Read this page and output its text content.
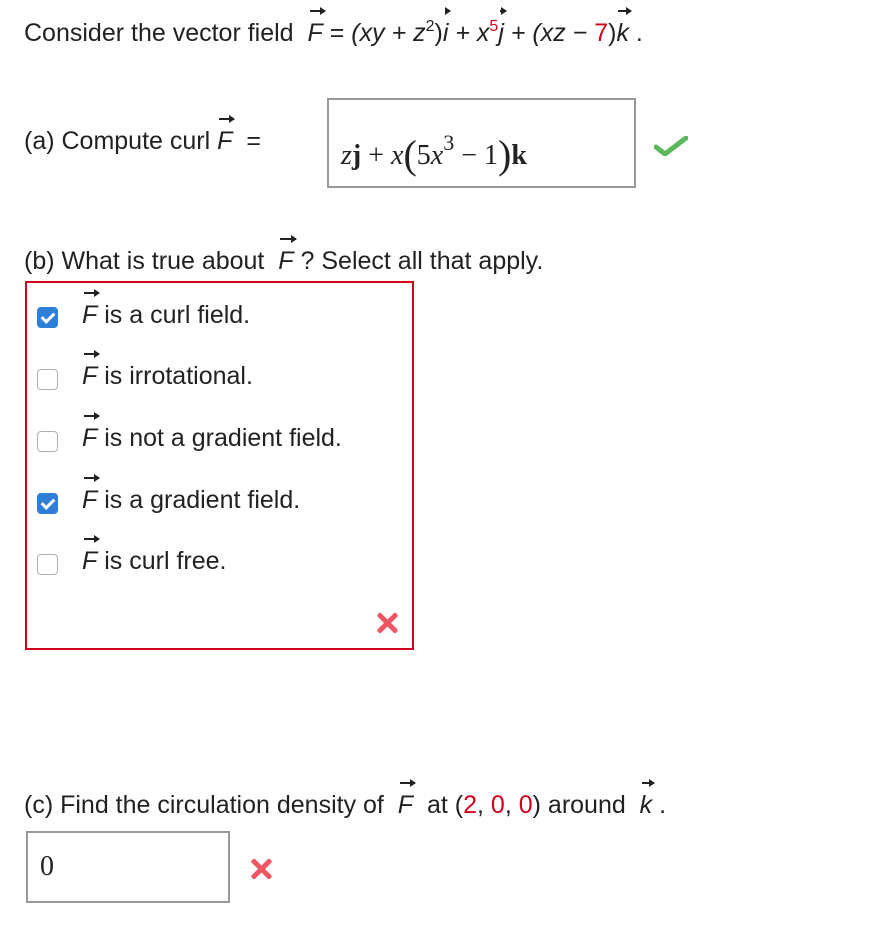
Consider the vector field $F = (xy + z^2)i + x^5j + (xz - 7)k$ .
(a) Compute curl F =	zj + $x(5x^3 - 1)k$
(b) What is true about F ? Select all that apply.
F is a curl field.
F is irrotational.
F is not a gradient field.
F is a gradient field.
F is curl free.
(c) Find the circulation density of F at (2, 0, 0) around k .
0
